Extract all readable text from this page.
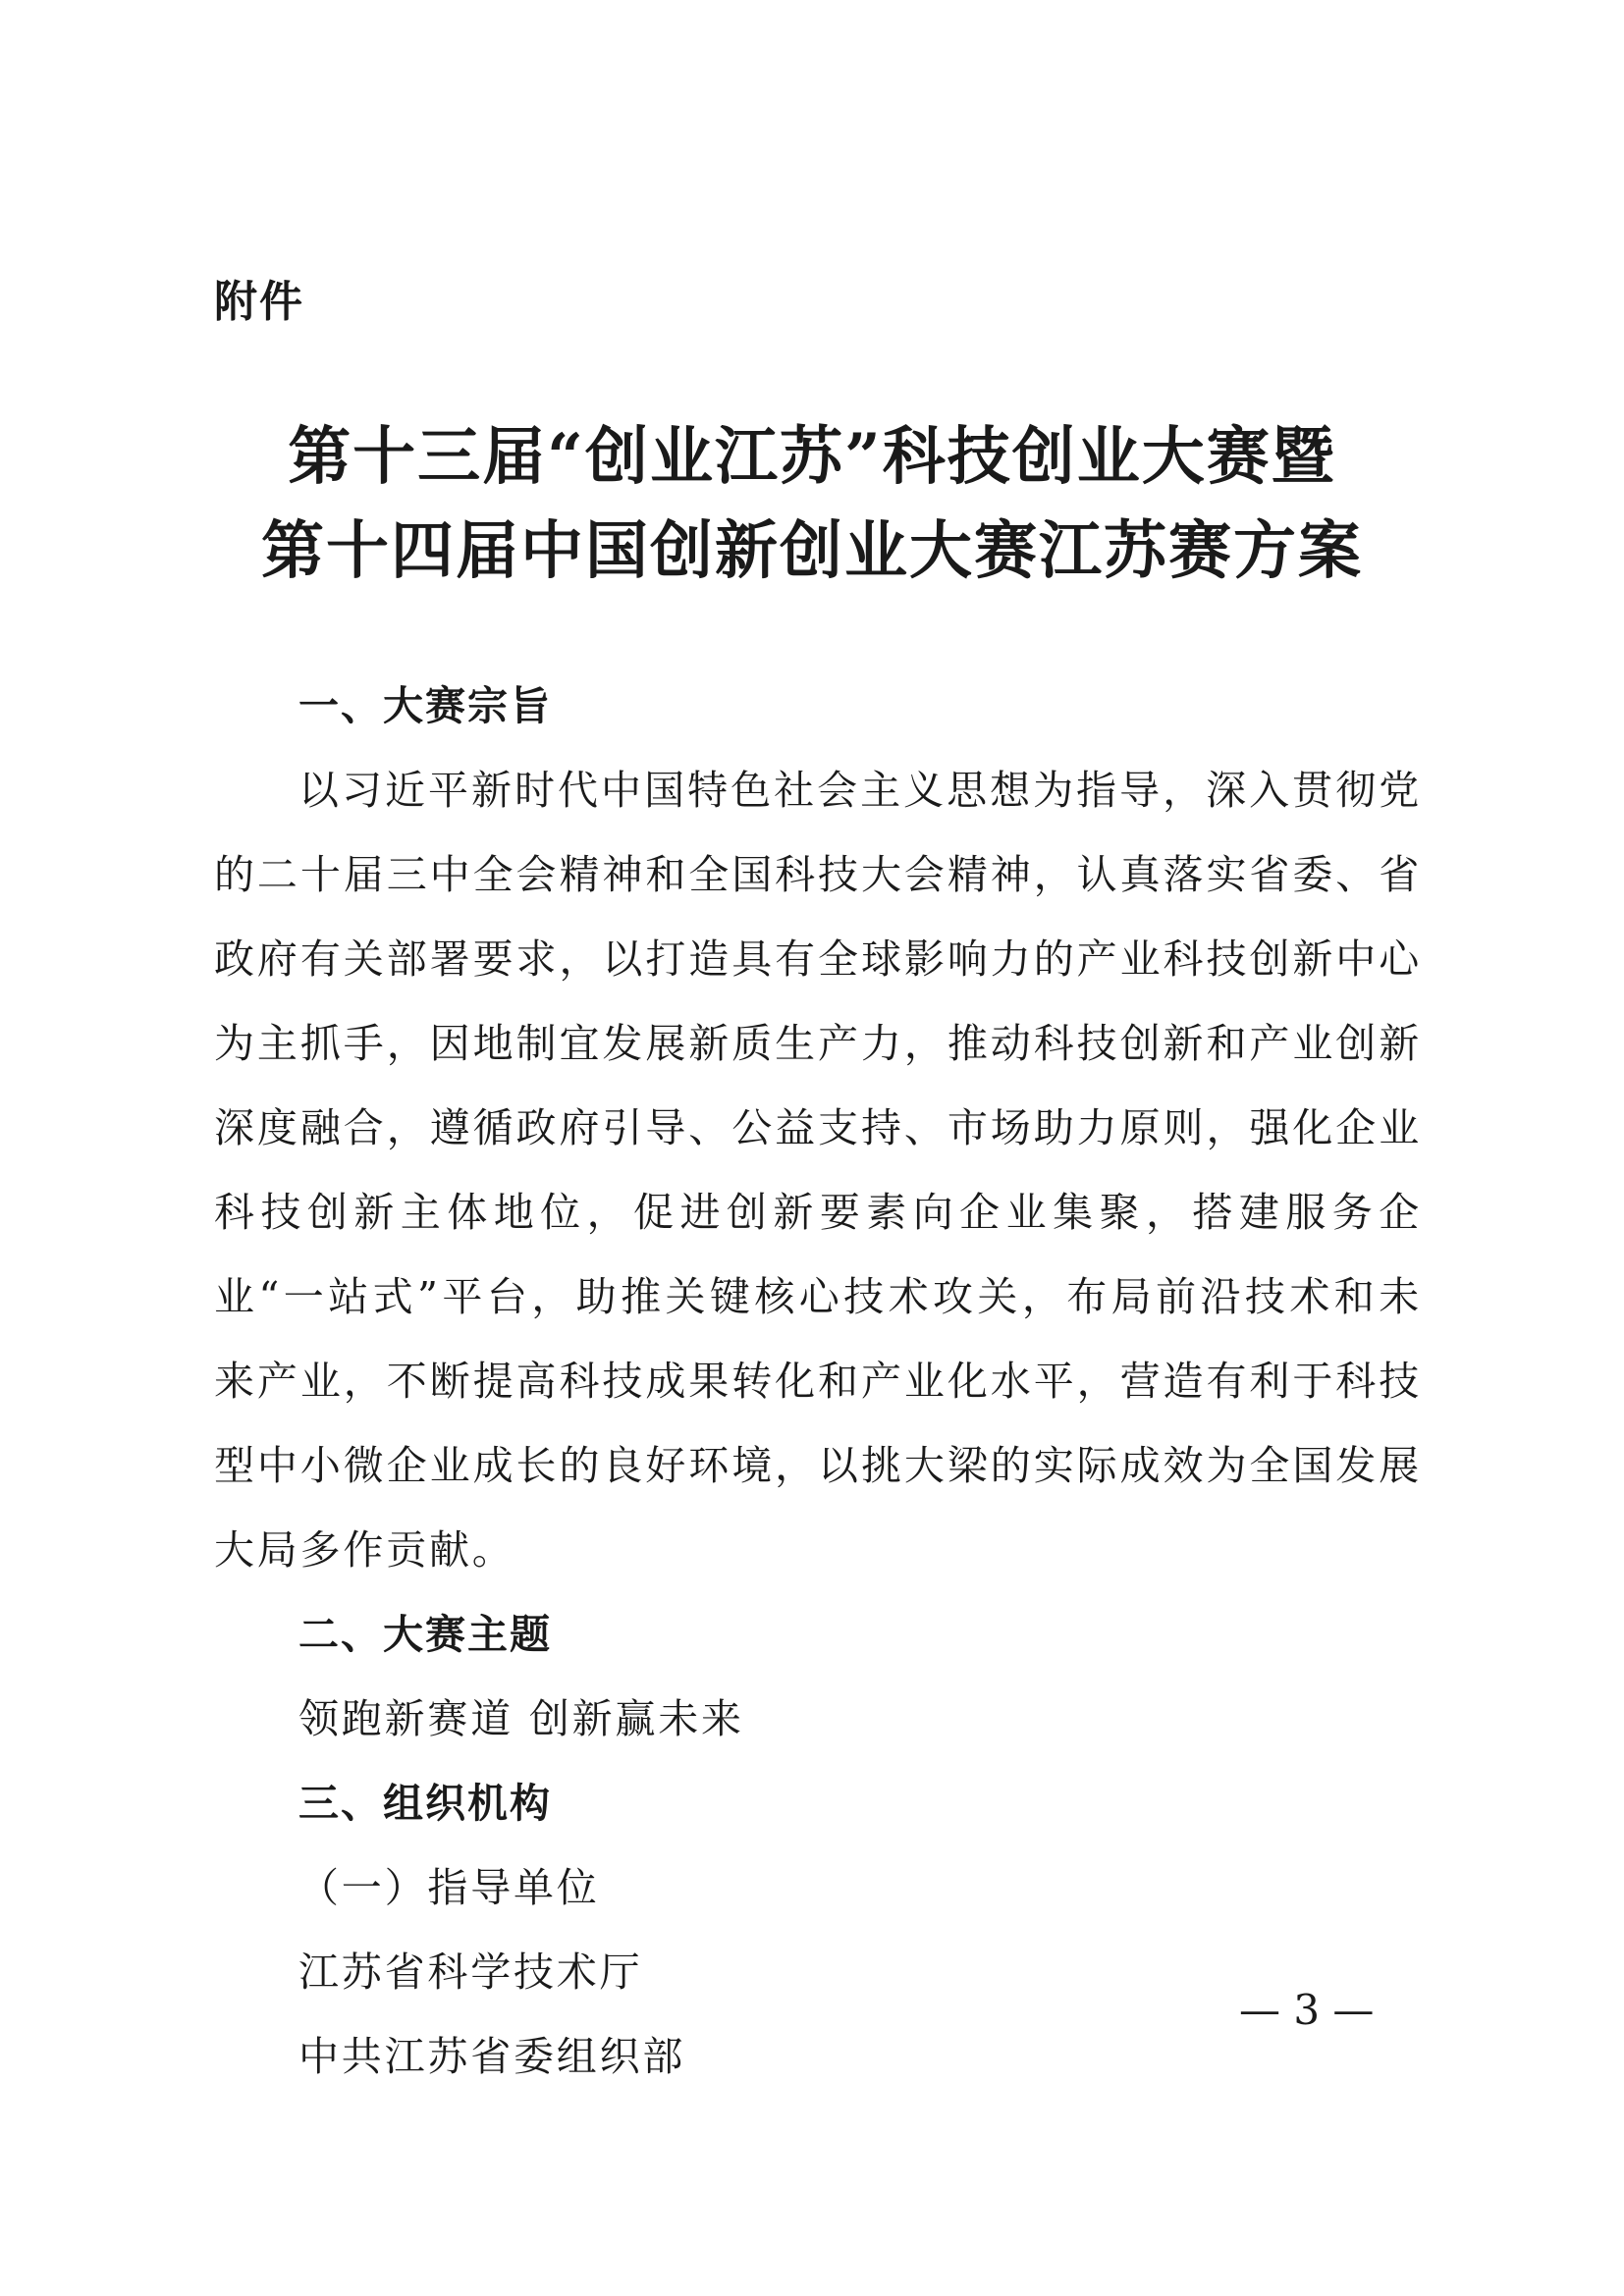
附件
第十三届“创业江苏”科技创业大赛暨
第十四届中国创新创业大赛江苏赛方案

一、大赛宗旨

以习近平新时代中国特色社会主义思想为指导，深入贯彻党的二十届三中全会精神和全国科技大会精神，认真落实省委、省政府有关部署要求，以打造具有全球影响力的产业科技创新中心为主抓手，因地制宜发展新质生产力，推动科技创新和产业创新深度融合，遵循政府引导、公益支持、市场助力原则，强化企业科技创新主体地位，促进创新要素向企业集聚，搭建服务企业“一站式”平台，助推关键核心技术攻关，布局前沿技术和未来产业，不断提高科技成果转化和产业化水平，营造有利于科技型中小微企业成长的良好环境，以挑大梁的实际成效为全国发展大局多作贡献。

二、大赛主题

领跑新赛道 创新赢未来

三、组织机构

（一）指导单位

江苏省科学技术厅

中共江苏省委组织部

— 3 —
